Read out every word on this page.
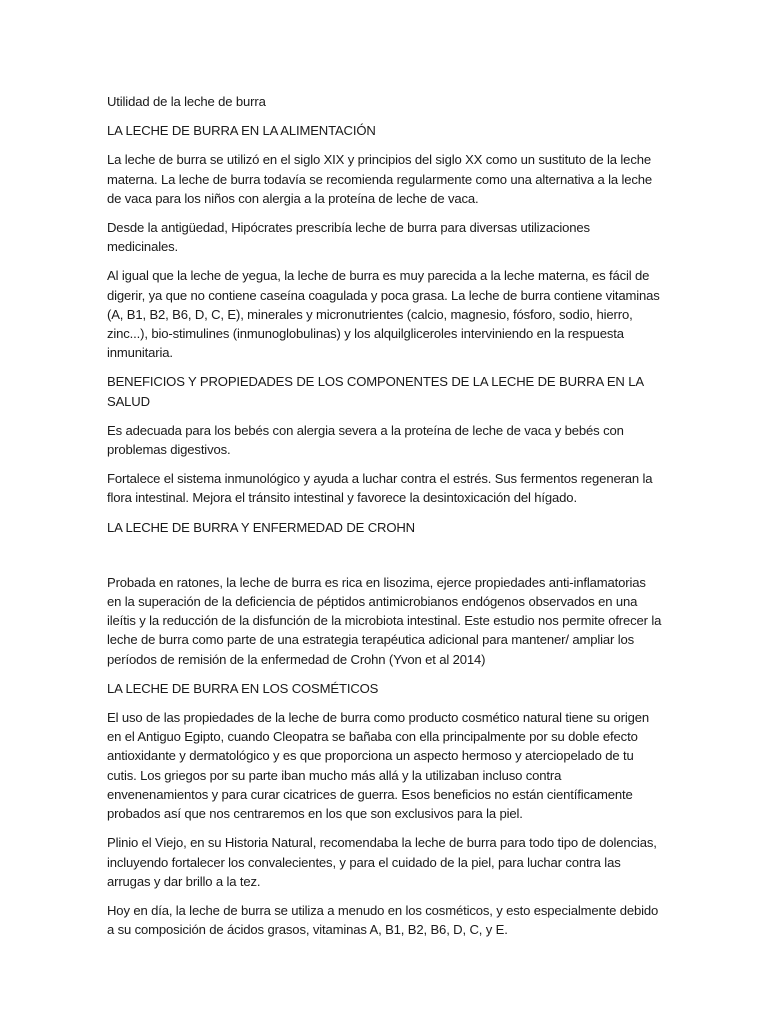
Utilidad de la leche de burra
LA LECHE DE BURRA EN LA ALIMENTACIÓN
La leche de burra se utilizó en el siglo XIX y principios del siglo XX como un sustituto de la leche materna. La leche de burra todavía se recomienda regularmente como una alternativa a la leche de vaca para los niños con alergia a la proteína de leche de vaca.
Desde la antigüedad, Hipócrates prescribía leche de burra para diversas utilizaciones medicinales.
Al igual que la leche de yegua, la leche de burra es muy parecida a la leche materna, es fácil de digerir, ya que no contiene caseína coagulada y poca grasa. La leche de burra contiene vitaminas (A, B1, B2, B6, D, C, E), minerales y micronutrientes (calcio, magnesio, fósforo, sodio, hierro, zinc...), bio-stimulines (inmunoglobulinas) y los alquilgliceroles interviniendo en la respuesta inmunitaria.
BENEFICIOS Y PROPIEDADES DE LOS COMPONENTES DE LA LECHE DE BURRA EN LA SALUD
Es adecuada para los bebés con alergia severa a la proteína de leche de vaca y bebés con problemas digestivos.
Fortalece el sistema inmunológico y ayuda a luchar contra el estrés. Sus fermentos regeneran la flora intestinal. Mejora el tránsito intestinal y favorece la desintoxicación del hígado.
LA LECHE DE BURRA Y ENFERMEDAD DE CROHN
Probada en ratones, la leche de burra es rica en lisozima, ejerce propiedades anti-inflamatorias en la superación de la deficiencia de péptidos antimicrobianos endógenos observados en una ileítis y la reducción de la disfunción de la microbiota intestinal. Este estudio nos permite ofrecer la leche de burra como parte de una estrategia terapéutica adicional para mantener/ ampliar los períodos de remisión de la enfermedad de Crohn (Yvon et al 2014)
LA LECHE DE BURRA EN LOS COSMÉTICOS
El uso de las propiedades de la leche de burra como producto cosmético natural tiene su origen en el Antiguo Egipto, cuando Cleopatra se bañaba con ella principalmente por su doble efecto antioxidante y dermatológico y es que proporciona un aspecto hermoso y aterciopelado de tu cutis. Los griegos por su parte iban mucho más allá y la utilizaban incluso contra envenenamientos y para curar cicatrices de guerra. Esos beneficios no están científicamente probados así que nos centraremos en los que son exclusivos para la piel.
Plinio el Viejo, en su Historia Natural, recomendaba la leche de burra para todo tipo de dolencias, incluyendo fortalecer los convalecientes, y para el cuidado de la piel, para luchar contra las arrugas y dar brillo a la tez.
Hoy en día, la leche de burra se utiliza a menudo en los cosméticos, y esto especialmente debido a su composición de ácidos grasos, vitaminas A, B1, B2, B6, D, C, y E.
